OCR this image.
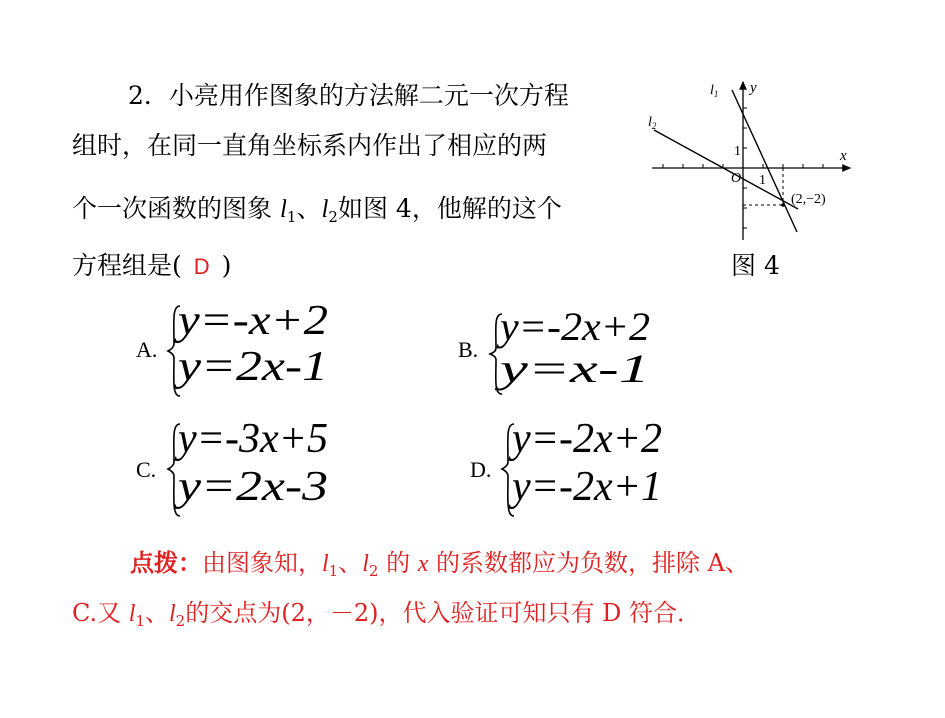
2．小亮用作图象的方法解二元一次方程
组时，在同一直角坐标系内作出了相应的两
个一次函数的图象 $l_1$、$l_2$如图 4，他解的这个
方程组是( D )
$l_1$ y
$l_2$
1	x
O 1
(2,−2)
图 4
A.
y=-x+2
y=2x-1	B.
y=-2x+2
y=x-1
C.
y=-3x+5
y=2x-3	D.
y=-2x+2
y=-2x+1
点拨：由图象知，$l_1$、$l_2$ 的 x 的系数都应为负数，排除 A、
C.又 $l_1$、$l_2$的交点为(2，－2)，代入验证可知只有 D 符合．
